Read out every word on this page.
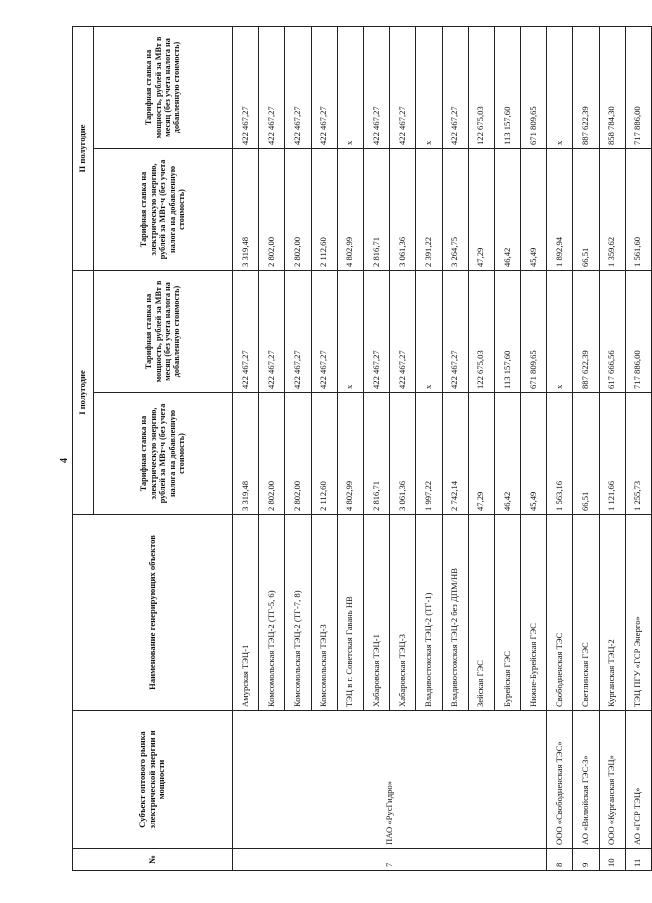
4
№	Субъект оптового рынка электрической энергии и мощности	Наименование генерирующих объектов	I полугодие		II полугодие	
			Тарифная ставка на электрическую энергию, рублей за МВт·ч (без учета налога на добавленную стоимость)	Тарифная ставка на мощность, рублей за МВт в месяц (без учета налога на добавленную стоимость)	Тарифная ставка на электрическую энергию, рублей за МВт·ч (без учета налога на добавленную стоимость)	Тарифная ставка на мощность, рублей за МВт в месяц (без учета налога на добавленную стоимость)
7	ПАО «РусГидро»	Амурская ТЭЦ-1	3 319,48	422 467,27	3 319,48	422 467,27
		Комсомольская ТЭЦ-2 (ТГ-5, 6)	2 802,00	422 467,27	2 802,00	422 467,27
		Комсомольская ТЭЦ-2 (ТГ-7, 8)	2 802,00	422 467,27	2 802,00	422 467,27
		Комсомольская ТЭЦ-3	2 112,60	422 467,27	2 112,60	422 467,27
		ТЭЦ в г. Советская Гавань НВ	4 802,99	x	4 802,99	x
		Хабаровская ТЭЦ-1	2 816,71	422 467,27	2 816,71	422 467,27
		Хабаровская ТЭЦ-3	3 061,36	422 467,27	3 061,36	422 467,27
		Владивостокская ТЭЦ-2 (ТГ-1)	1 997,22	x	2 391,22	x
		Владивостокская ТЭЦ-2 без ДПМ/НВ	2 742,14	422 467,27	3 264,75	422 467,27
		Зейская ГЭС	47,29	122 675,03	47,29	122 675,03
		Бурейская ГЭС	46,42	113 157,60	46,42	113 157,60
		Нижне-Бурейская ГЭС	45,49	671 809,65	45,49	671 809,65
8	ООО «Свободненская ТЭС»	Свободненская ТЭС	1 563,16	x	1 892,94	x
9	АО «Вилюйская ГЭС-3»	Светлинская ГЭС	66,51	887 622,39	66,51	887 622,39
10	ООО «Курганская ТЭЦ»	Курганская ТЭЦ-2	1 121,66	617 666,56	1 359,62	858 784,30
11	АО «ГСР ТЭЦ»	ТЭЦ ПГУ «ГСР Энерго»	1 255,73	717 886,00	1 561,60	717 886,00
